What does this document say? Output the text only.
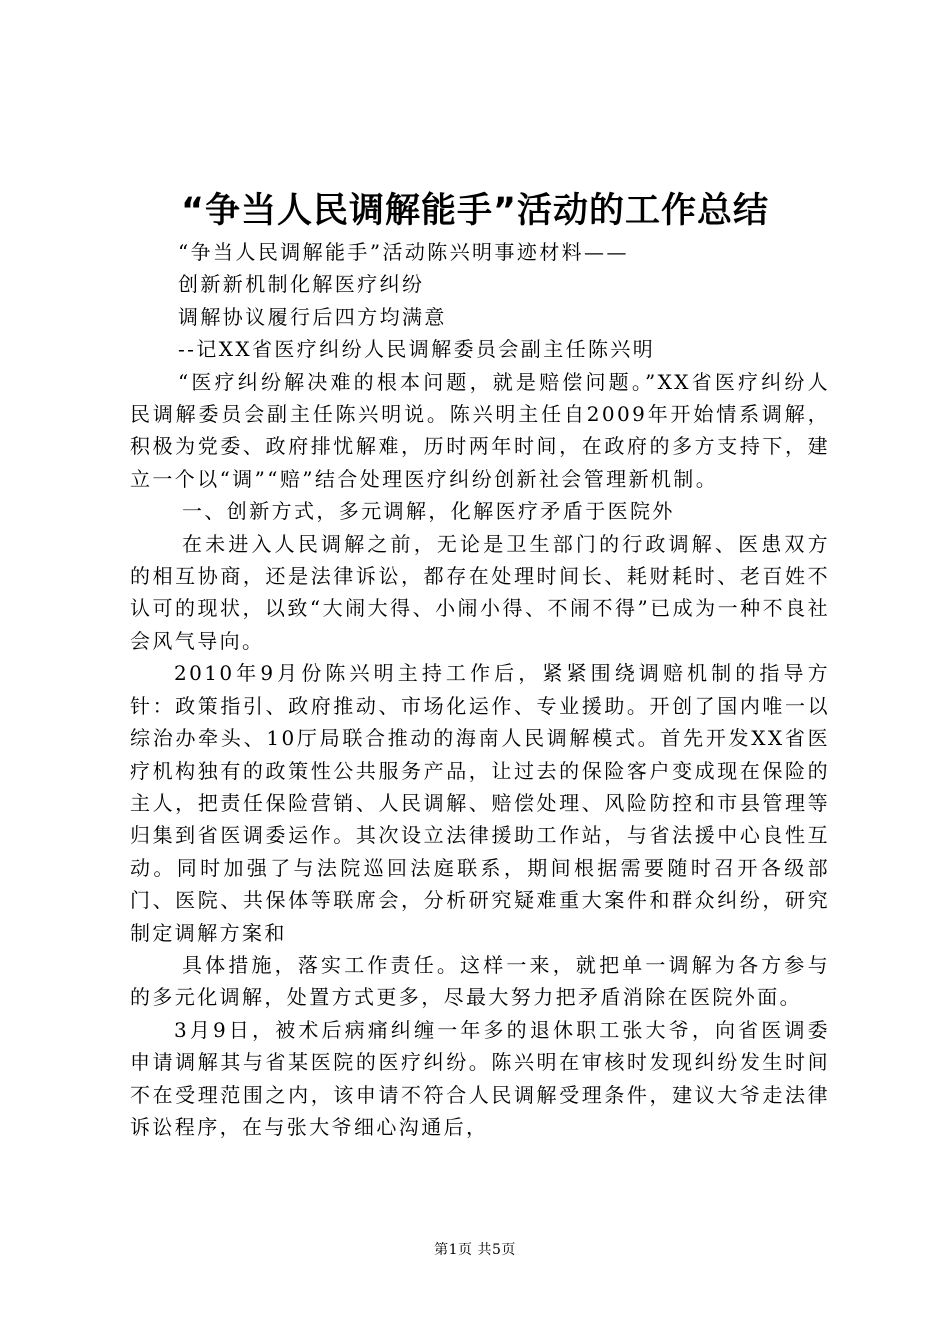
“争当人民调解能手”活动的工作总结

“争当人民调解能手”活动陈兴明事迹材料——

创新新机制化解医疗纠纷

调解协议履行后四方均满意

--记XX省医疗纠纷人民调解委员会副主任陈兴明

“医疗纠纷解决难的根本问题，就是赔偿问题。”XX省医疗纠纷人民调解委员会副主任陈兴明说。陈兴明主任自2009年开始情系调解，积极为党委、政府排忧解难，历时两年时间，在政府的多方支持下，建立一个以“调”“赔”结合处理医疗纠纷创新社会管理新机制。

一、创新方式，多元调解，化解医疗矛盾于医院外

在未进入人民调解之前，无论是卫生部门的行政调解、医患双方的相互协商，还是法律诉讼，都存在处理时间长、耗财耗时、老百姓不认可的现状，以致“大闹大得、小闹小得、不闹不得”已成为一种不良社会风气导向。

2010年9月份陈兴明主持工作后，紧紧围绕调赔机制的指导方针：政策指引、政府推动、市场化运作、专业援助。开创了国内唯一以综治办牵头、10厅局联合推动的海南人民调解模式。首先开发XX省医疗机构独有的政策性公共服务产品，让过去的保险客户变成现在保险的主人，把责任保险营销、人民调解、赔偿处理、风险防控和市县管理等归集到省医调委运作。其次设立法律援助工作站，与省法援中心良性互动。同时加强了与法院巡回法庭联系，期间根据需要随时召开各级部门、医院、共保体等联席会，分析研究疑难重大案件和群众纠纷，研究制定调解方案和

具体措施，落实工作责任。这样一来，就把单一调解为各方参与的多元化调解，处置方式更多，尽最大努力把矛盾消除在医院外面。

3月9日，被术后病痛纠缠一年多的退休职工张大爷，向省医调委申请调解其与省某医院的医疗纠纷。陈兴明在审核时发现纠纷发生时间不在受理范围之内，该申请不符合人民调解受理条件，建议大爷走法律诉讼程序，在与张大爷细心沟通后，

第1页 共5页
